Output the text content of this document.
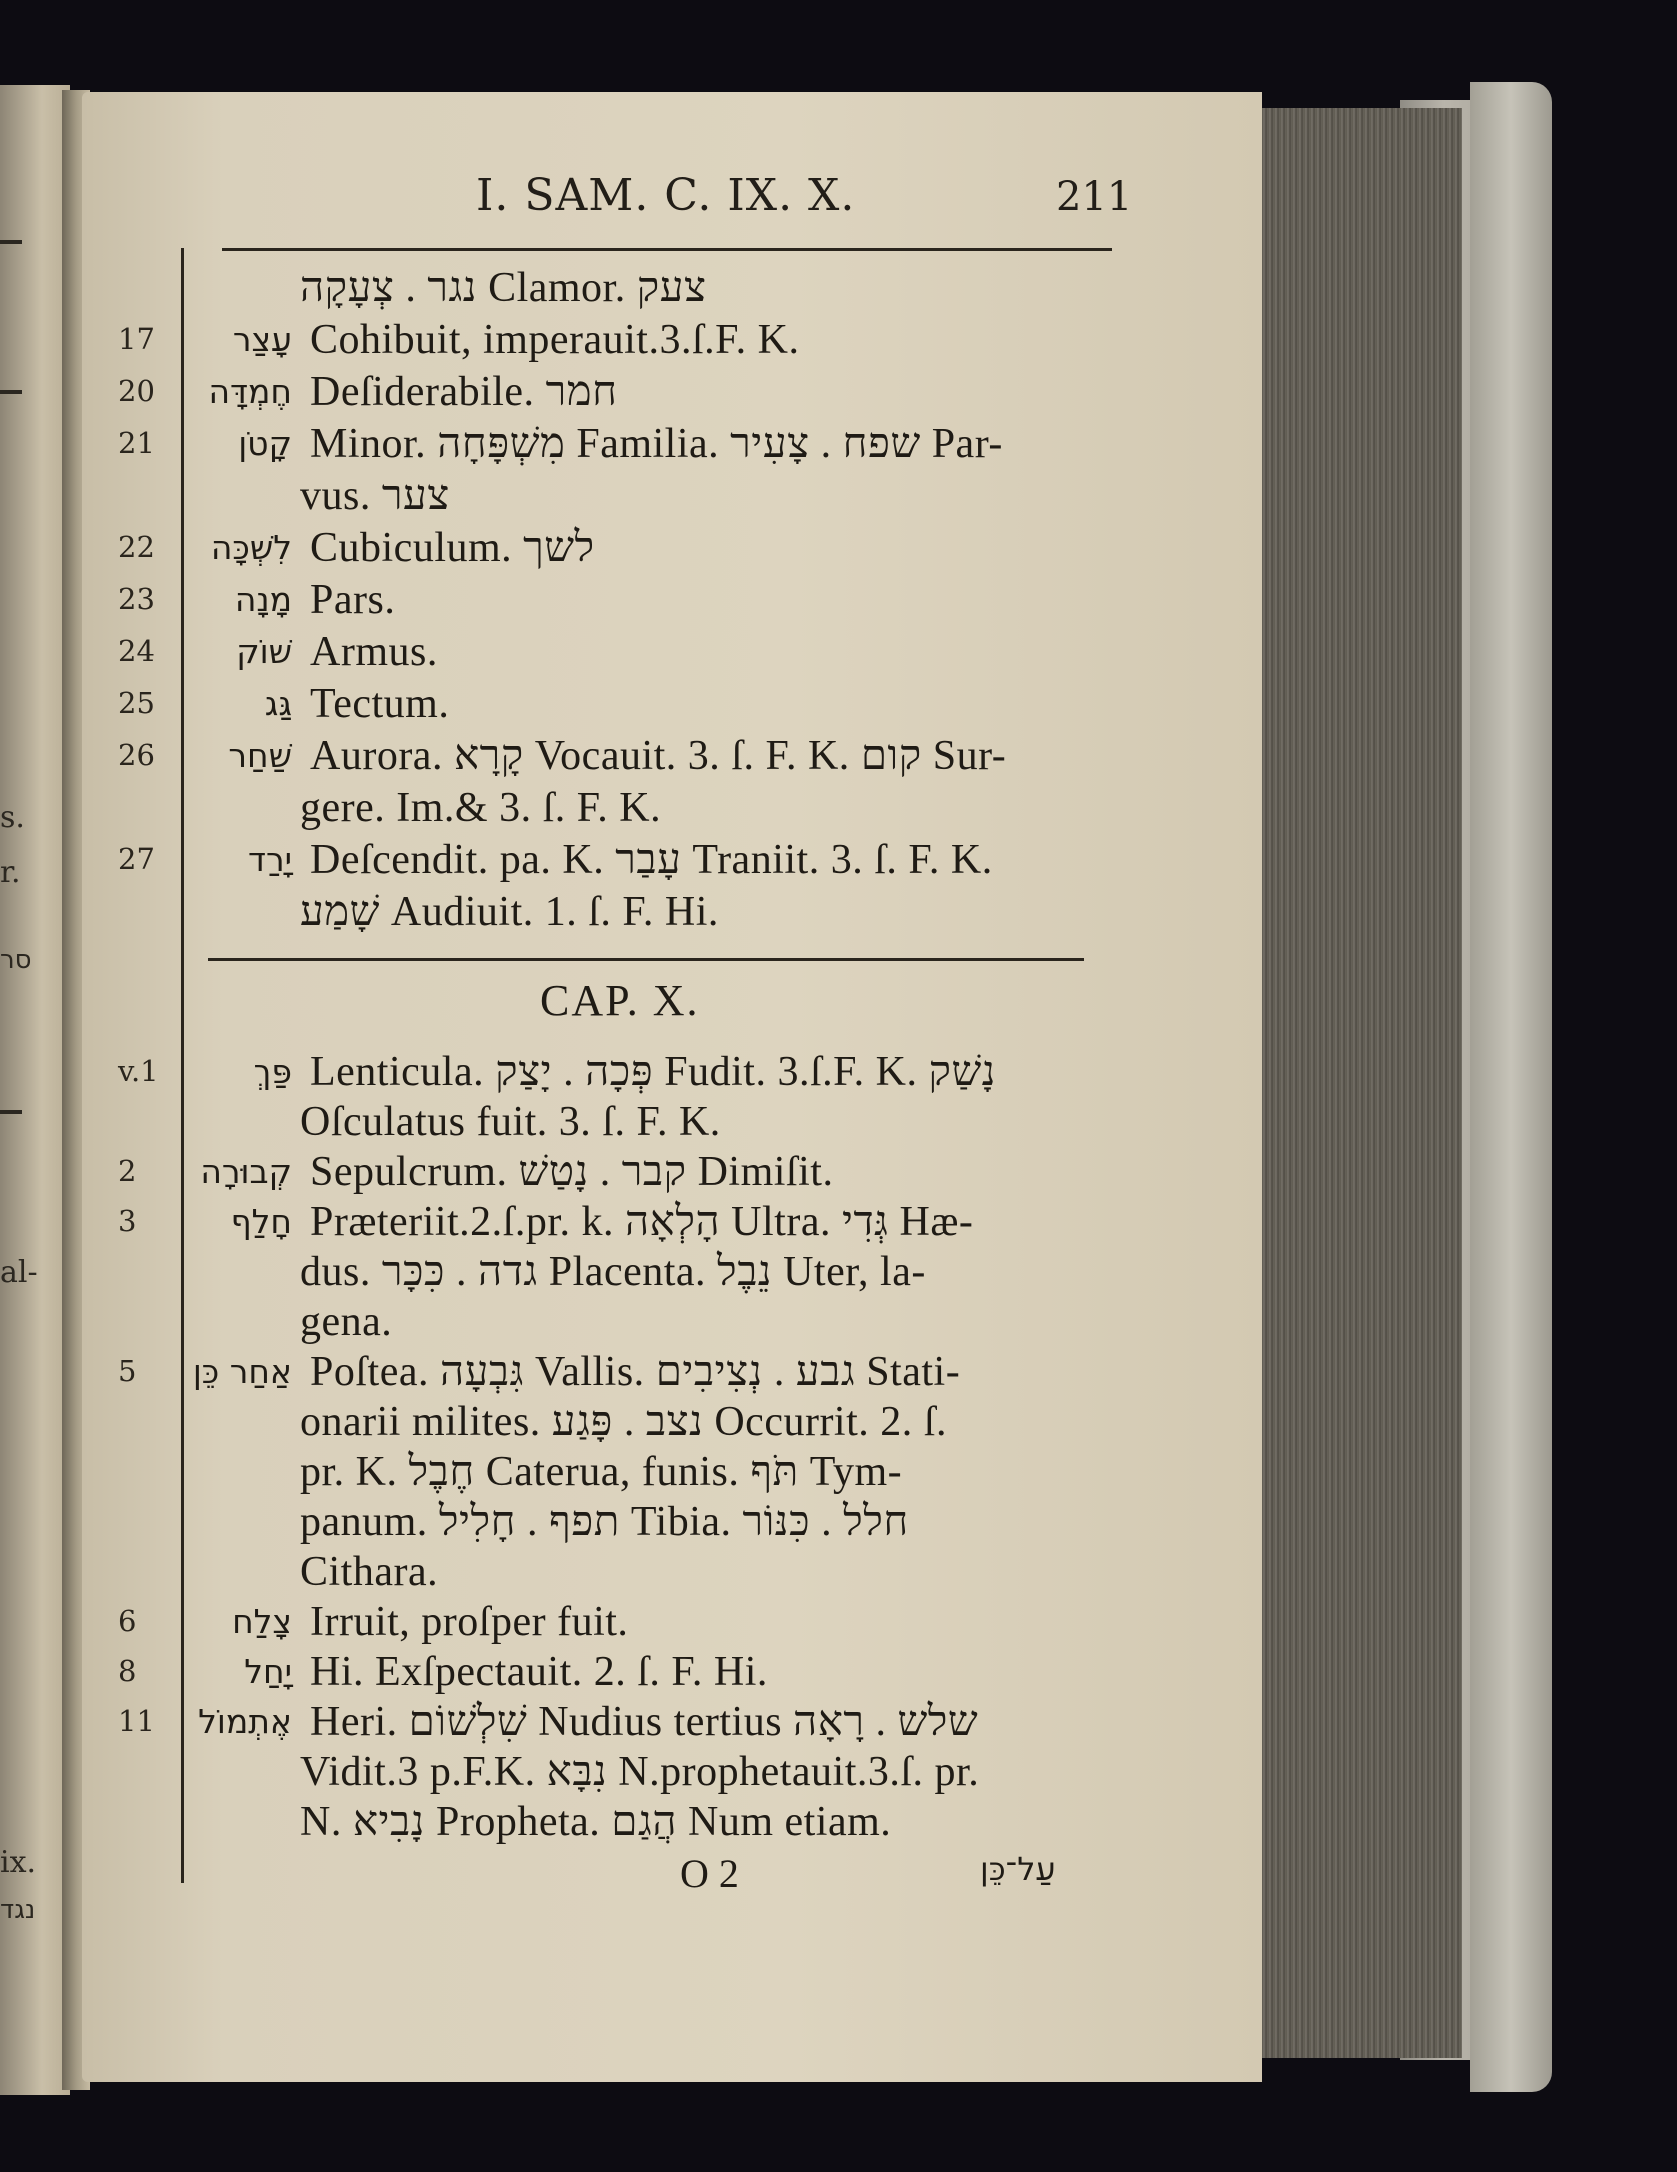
s.
r.
סר
al-
ix.
נגד
I. SAM. C. IX. X.	211
נגר . צְעָקָה Clamor. צעק
17 עָצַר Cohibuit, imperauit.3.ſ.F. K.
20 חֶמְדָּה Deſiderabile. חמר
21	קָטֹן Minor. מִשְׁפָּחָה Familia. שפח . צָעִיר Par-
vus. צער
22 לִשְׁכָּה Cubiculum. לשך
23 מָנָה Pars.
24 שׁוֹק Armus.
25	גַּג Tectum.
26 שַׁחַר Aurora. קָרָא Vocauit. 3. ſ. F. K. קום Sur-
gere. Im.& 3. ſ. F. K.
27	יָרַד Deſcendit. pa. K. עָבַר Traniit. 3. ſ. F. K.
שָׁמַע Audiuit. 1. ſ. F. Hi.
CAP. X.
v.1	פַּךְ Lenticula. פְּכָה . יָצַק Fudit. 3.ſ.F. K. נָשַׁק
Oſculatus fuit. 3. ſ. F. K.
2 קְבוּרָה Sepulcrum. קבר . נָטַשׁ Dimiſit.
3	חָלַף Præteriit.2.ſ.pr. k. הָלְאָה Ultra. גְּדִי Hæ-
dus. גדה . כִּכָּר Placenta. נֵבֶל Uter, la-
gena.
5 אַחַר כֵּן Poſtea. גִּבְעָה Vallis. גבע . נְצִיבִים Stati-
onarii milites. נצב . פָּגַע Occurrit. 2. ſ.
pr. K. חֶבֶל Caterua, funis. תֹּף Tym-
panum. תפף . חָלִיל Tibia. חלל . כִּנּוֹר
Cithara.
6	צָלַח Irruit, proſper fuit.
8	יָחַל Hi. Exſpectauit. 2. ſ. F. Hi.
11 אֶתְמוֹל Heri. שִׁלְשׁוֹם Nudius tertius שלש . רָאָה
Vidit.3 p.F.K. נִבָּא N.prophetauit.3.ſ. pr.
N. נָבִיא Propheta. הֲגַם Num etiam.
O 2	עַל־כֵּן
